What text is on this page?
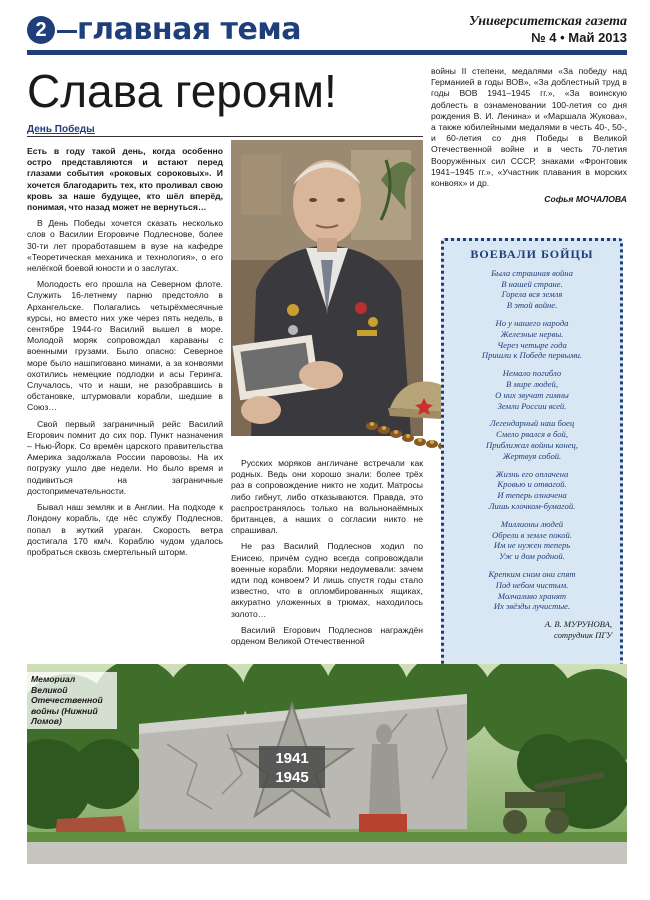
2 главная тема	Университетская газета
№ 4 • Май 2013
Слава героям!
День Победы

Есть в году такой день, когда особенно остро представляются и встают перед глазами события «роковых сороковых». И хочется благодарить тех, кто проливал свою кровь за наше будущее, кто шёл вперёд, понимая, что назад может не вернуться…

В День Победы хочется сказать несколько слов о Василии Егоровиче Подлеснове, более 30-ти лет проработавшем в вузе на кафедре «Теоретическая механика и технология», о его нелёгкой боевой юности и о заслугах.

Молодость его прошла на Северном флоте. Служить 16-летнему парню предстояло в Архангельске. Полагались четырёхмесячные курсы, но вместо них уже через пять недель, в сентябре 1944-го Василий вышел в море. Молодой моряк сопровождал караваны с военными грузами. Было опасно: Северное море было нашпиговано минами, а за конвоями охотились немецкие подлодки и асы Геринга. Случалось, что и наши, не разобравшись в обстановке, штурмовали корабли, шедшие в Союз…

Свой первый заграничный рейс Василий Егорович помнит до сих пор. Пункт назначения – Нью-Йорк. Со времён царского правительства Америка задолжала России паровозы. На их погрузку ушло две недели. Но было время и подивиться на заграничные достопримечательности.

Бывал наш земляк и в Англии. На подходе к Лондону корабль, где нёс службу Подлеснов, попал в жуткий ураган. Скорость ветра достигала 170 км/ч. Кораблю чудом удалось пробраться сквозь смертельный шторм.

Русских моряков англичане встречали как родных. Ведь они хорошо знали: более трёх раз в сопровождение никто не ходит. Матросы либо гибнут, либо отказываются. Правда, это распространялось только на вольнонаёмных британцев, а наших о согласии никто не спрашивал.

Не раз Василий Подлеснов ходил по Енисею, причём судно всегда сопровождали военные корабли. Моряки недоумевали: зачем идти под конвоем? И лишь спустя годы стало известно, что в опломбированных ящиках, аккуратно уложенных в трюмах, находилось золото…

Василий Егорович Подлеснов награждён орденом Великой Отечественной

войны II степени, медалями «За победу над Германией в годы ВОВ», «За доблестный труд в годы ВОВ 1941–1945 гг.», «За воинскую доблесть в ознаменовании 100-летия со дня рождения В. И. Ленина» и «Маршала Жукова», а также юбилейными медалями в честь 40-, 50-, и 60-летия со дня Победы в Великой Отечественной войне и в честь 70-летия Вооружённых сил СССР, знаками «Фронтовик 1941–1945 гг.», «Участник плавания в морских конвоях» и др.

Софья МОЧАЛОВА
ВОЕВАЛИ БОЙЦЫ
Была страшная война
В нашей стране.
Горела вся земля
В этой войне.
Но у нашего народа
Железные нервы.
Через четыре года
Пришли к Победе первыми.
Немало погибло
В мире людей,
О них звучат гимны
Земли России всей.
Легендарный наш боец
Смело рвался в бой,
Приближал войны конец,
Жертвуя собой.
Жизнь его оплачена
Кровью и отвагой.
И теперь означена
Лишь клочком-бумагой.
Миллионы людей
Обрели в земле покой.
Им не нужен теперь
Уж и дом родной.
Крепким сном они спят
Под небом чистым.
Молчаливо хранят
Их звёзды лучистые.
А. В. МУРУНОВА,
сотрудник ПГУ
1941
1945
Мемориал Великой Отечественной войны (Нижний Ломов)
